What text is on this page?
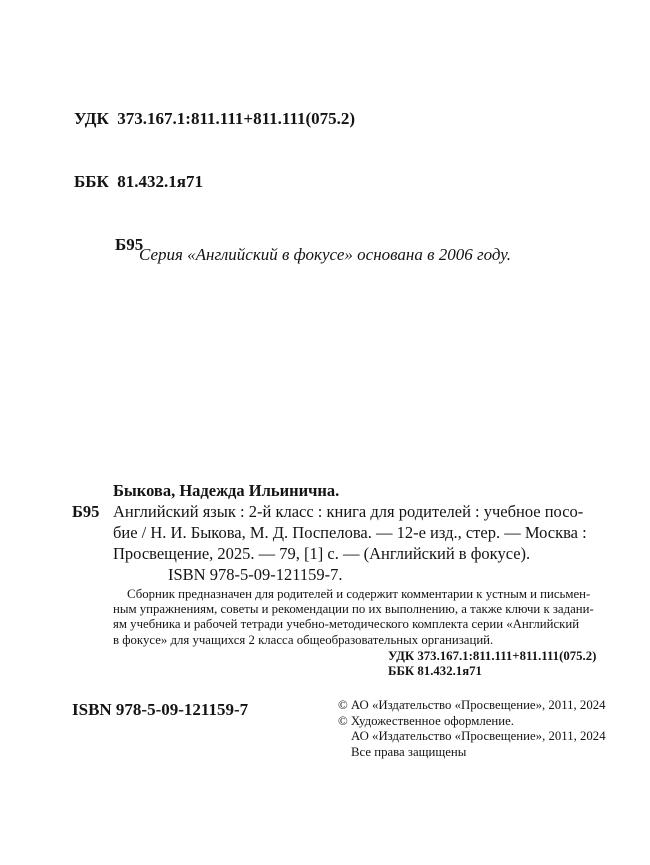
УДК  373.167.1:811.111+811.111(075.2)

ББК  81.432.1я71

Б95

Серия «Английский в фокусе» основана в 2006 году.
Быкова, Надежда Ильинична.
Б95 Английский язык : 2-й класс : книга для родителей : учебное посо-
бие / Н. И. Быкова, М. Д. Поспелова. — 12-е изд., стер. — Москва :
Просвещение, 2025. — 79, [1] с. — (Английский в фокусе).
ISBN 978-5-09-121159-7.
Сборник предназначен для родителей и содержит комментарии к устным и письмен-
ным упражнениям, советы и рекомендации по их выполнению, а также ключи к задани-
ям учебника и рабочей тетради учебно-методического комплекта серии «Английский
в фокусе» для учащихся 2 класса общеобразовательных организаций.
УДК 373.167.1:811.111+811.111(075.2)
ББК 81.432.1я71
ISBN 978-5-09-121159-7	© АО «Издательство «Просвещение», 2011, 2024
© Художественное оформление.
АО «Издательство «Просвещение», 2011, 2024
Все права защищены
